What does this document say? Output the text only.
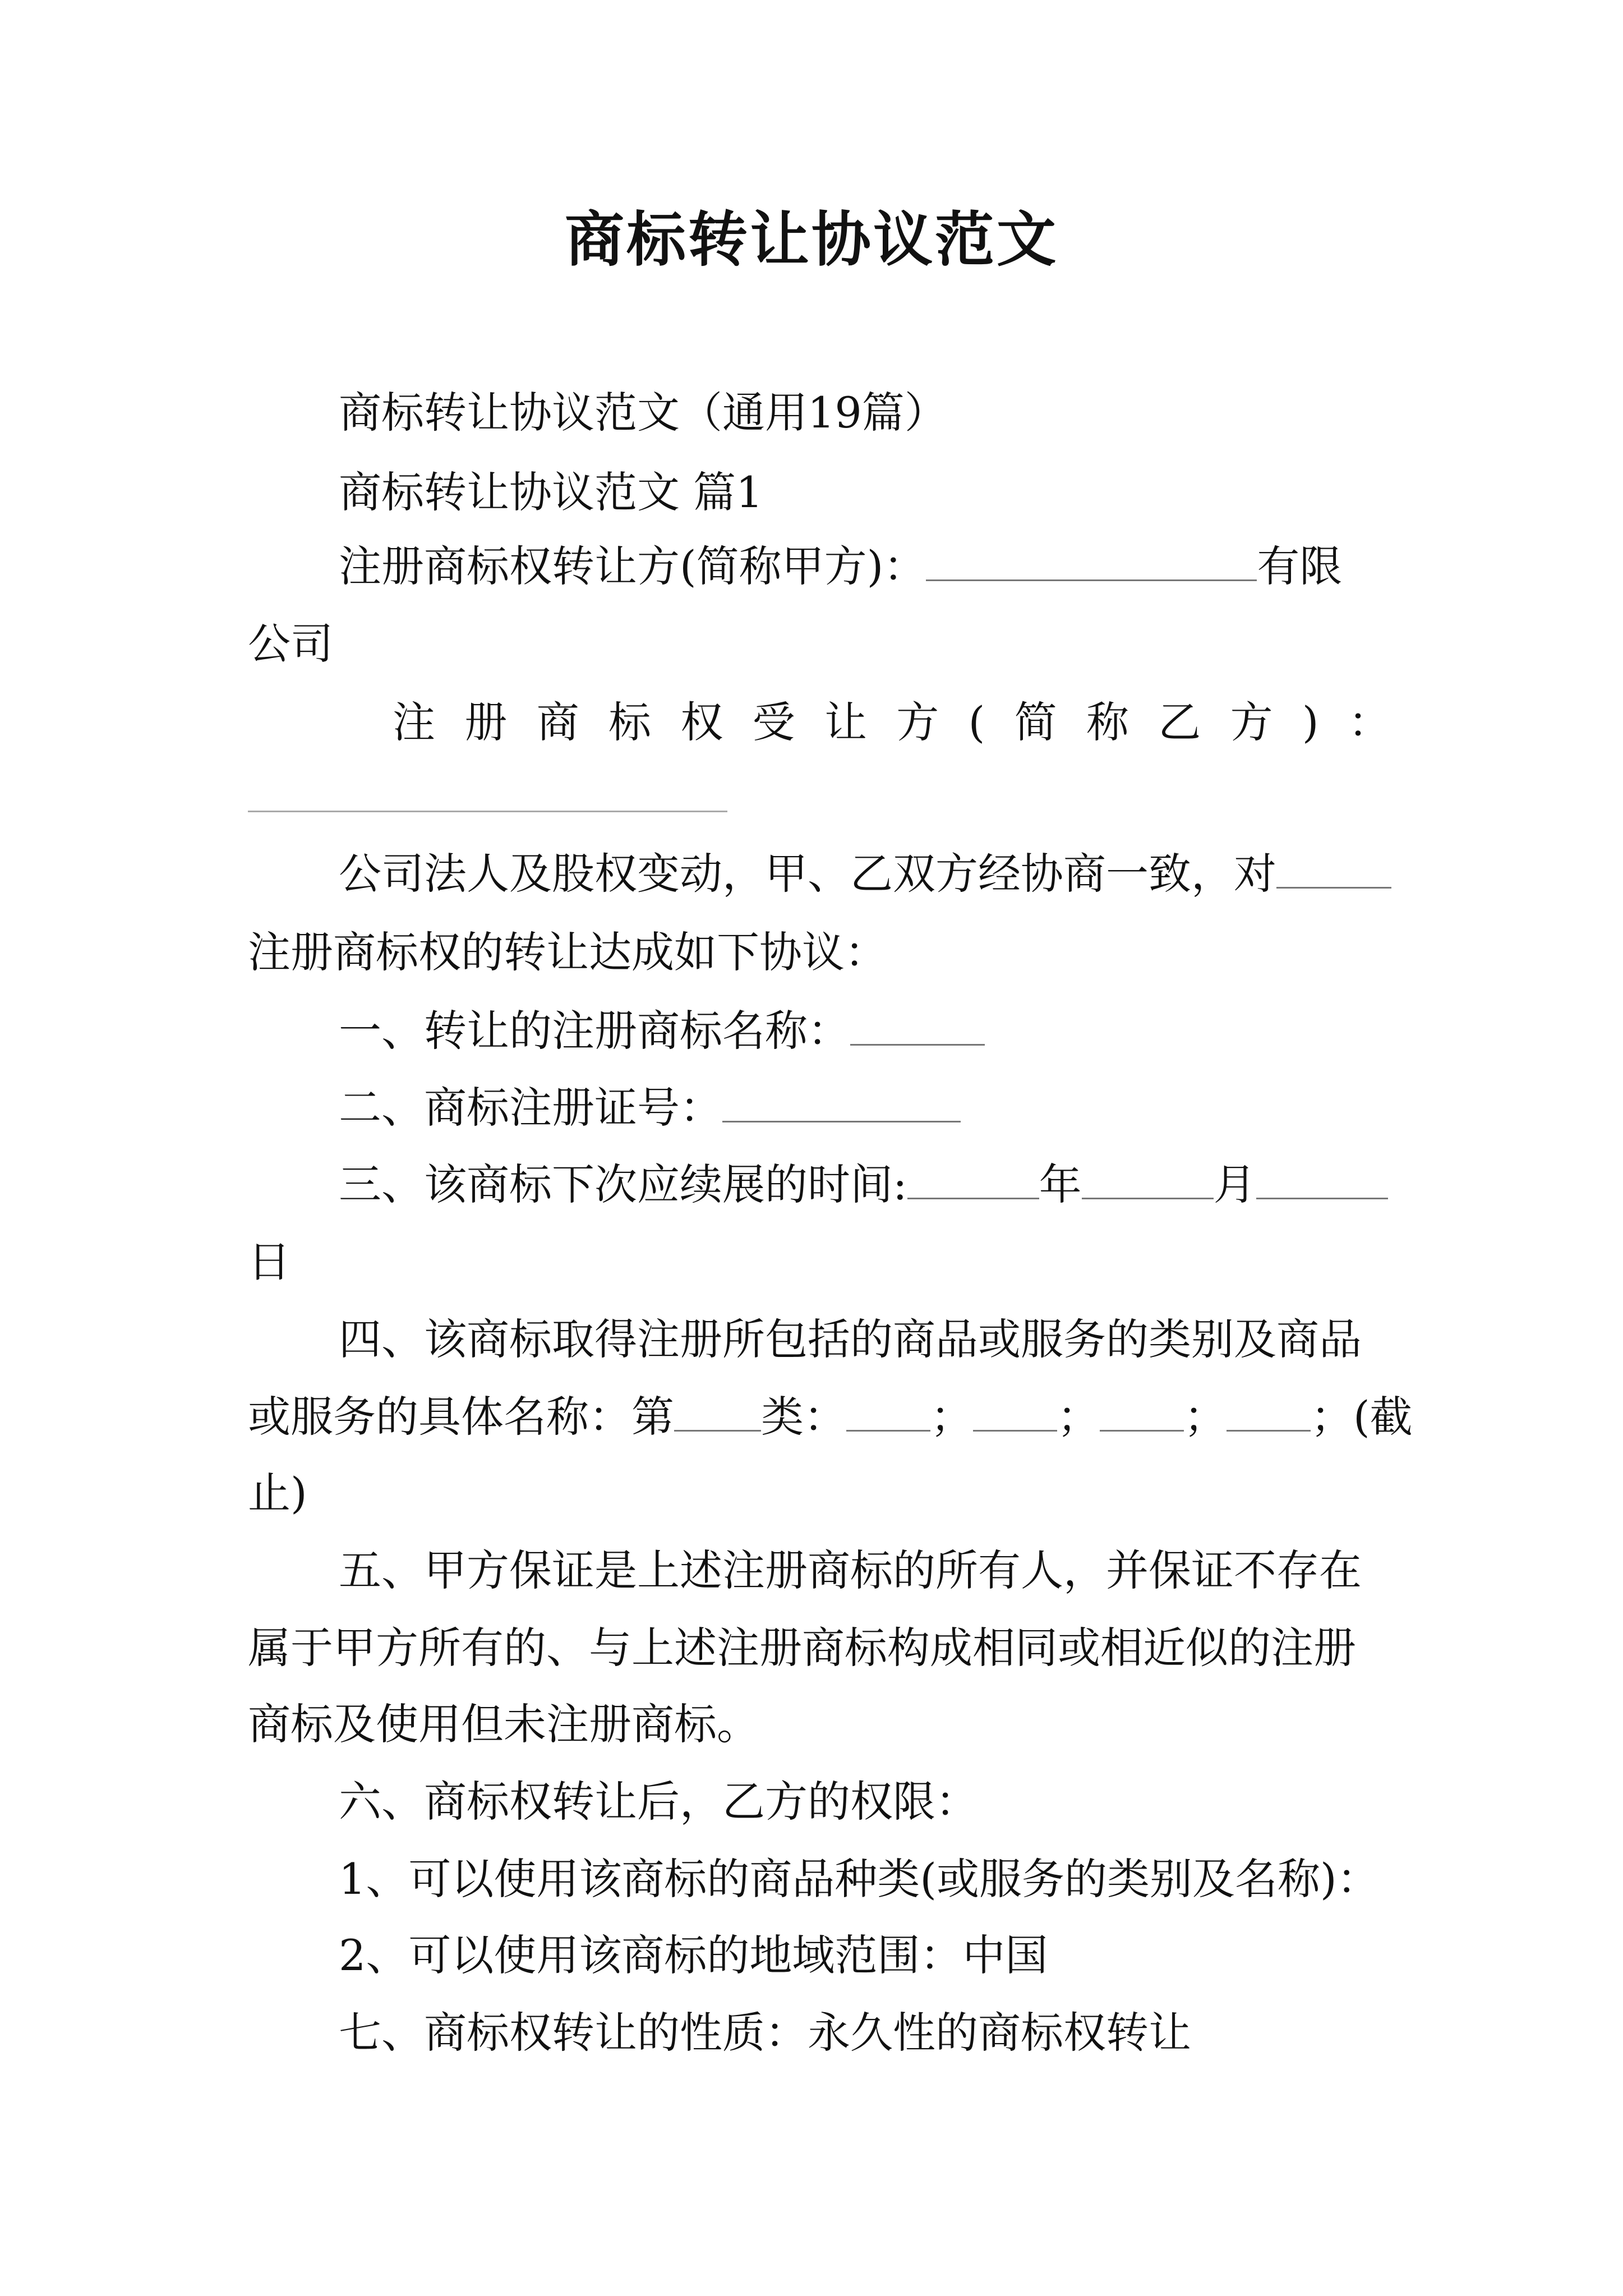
商标转让协议范文
商标转让协议范文（通用19篇）
商标转让协议范文 篇1
注册商标权转让方(简称甲方)：	有限
公司
注 册 商 标 权 受 让 方 ( 简 称 乙 方 ) ：
公司法人及股权变动，甲、乙双方经协商一致，对
注册商标权的转让达成如下协议：
一、转让的注册商标名称：
二、商标注册证号：
三、该商标下次应续展的时间:	年	月
日
四、该商标取得注册所包括的商品或服务的类别及商品
或服务的具体名称：第 类： ； ； ； ；(截
止)
五、甲方保证是上述注册商标的所有人，并保证不存在
属于甲方所有的、与上述注册商标构成相同或相近似的注册
商标及使用但未注册商标。
六、商标权转让后，乙方的权限：
1、可以使用该商标的商品种类(或服务的类别及名称)：
2、可以使用该商标的地域范围：中国
七、商标权转让的性质：永久性的商标权转让
